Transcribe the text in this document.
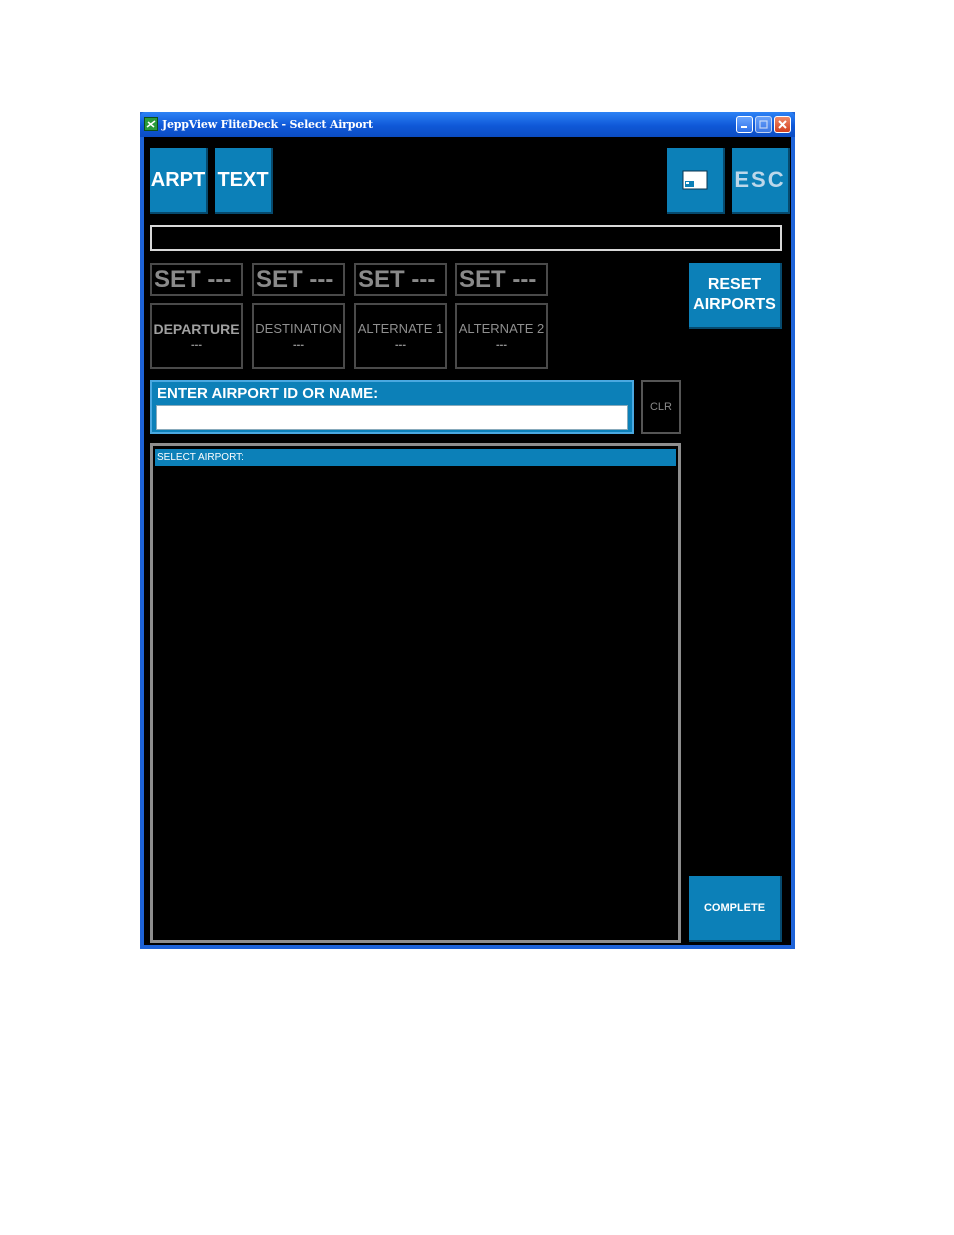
JeppView FliteDeck - Select Airport
ARPT TEXT	ESC
SET ---	SET ---	SET --- SET ---
DEPARTURE
---
DESTINATION
---
ALTERNATE 1
---
ALTERNATE 2
---
RESET
AIRPORTS
ENTER AIRPORT ID OR NAME:
CLR
SELECT AIRPORT:
COMPLETE
